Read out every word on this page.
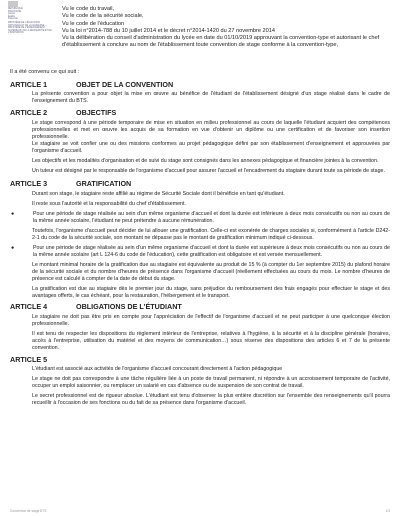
RÉPUBLIQUE
FRANÇAISE
Liberté
Égalité
Fraternité
MINISTÈRE DE L'ÉDUCATION NATIONALE ET DE LA JEUNESSE — MINISTÈRE DE L'ENSEIGNEMENT SUPÉRIEUR, DE LA RECHERCHE ET DE L'INNOVATION

Vu le code du travail,

Vu le code de la sécurité sociale,

Vu le code de l'éducation

Vu la loi n°2014-788 du 10 juillet 2014 et le décret n°2014-1420 du 27 novembre 2014

Vu la délibération du conseil d'administration du lycée en date du 01/10/2019 approuvant la convention-type et autorisant le chef d'établissement à conclure au nom de l'établissement toute convention de stage conforme à la convention-type,

Il a été convenu ce qui suit :

ARTICLE 1	OBJET DE LA CONVENTION

La présente convention a pour objet la mise en œuvre au bénéfice de l'étudiant de l'établissement désigné d'un stage réalisé dans le cadre de l'enseignement du BTS.

ARTICLE 2	OBJECTIFS

Le stage correspond à une période temporaire de mise en situation en milieu professionnel au cours de laquelle l'étudiant acquiert des compétences professionnelles et met en œuvre les acquis de sa formation en vue d'obtenir un diplôme ou une certification et de favoriser son insertion professionnelle.

Le stagiaire se voit confier une ou des missions conformes au projet pédagogique défini par son établissement d'enseignement et approuvées par l'organisme d'accueil.

Les objectifs et les modalités d'organisation et de suivi du stage sont consignés dans les annexes pédagogique et financière jointes à la convention.

Un tuteur est désigné par le responsable de l'organisme d'accueil pour assurer l'accueil et l'encadrement du stagiaire durant toute sa période de stage.

ARTICLE 3	GRATIFICATION

Durant son stage, le stagiaire reste affilié au régime de Sécurité Sociale dont il bénéficie en tant qu'étudiant.

Il reste sous l'autorité et la responsabilité du chef d'établissement.

●	Pour une période de stage réalisée au sein d'un même organisme d'accueil et dont la durée est inférieure à deux mois consécutifs ou non au cours de la même année scolaire, l'étudiant ne peut prétendre à aucune rémunération.

Toutefois, l'organisme d'accueil peut décider de lui allouer une gratification. Celle-ci est exonérée de charges sociales si, conformément à l'article D242-2-1 du code de la sécurité sociale, son montant ne dépasse pas le montant de gratification minimum indiqué ci-dessous.

●	Pour une période de stage réalisée au sein d'un même organisme d'accueil et dont la durée est supérieure à deux mois consécutifs ou non au cours de la même année scolaire (art L 124-6 du code de l'éducation), cette gratification est obligatoire et est versée mensuellement.

Le montant minimal horaire de la gratification due au stagiaire est équivalente au produit de 15 % (à compter du 1er septembre 2015) du plafond horaire de la sécurité sociale et du nombre d'heures de présence dans l'organisme d'accueil (réellement effectuées au cours du mois. Le nombre d'heures de présence est calculé à compter de la date de début du stage.

La gratification est due au stagiaire dès le premier jour du stage, sans préjudice du remboursement des frais engagés pour effectuer le stage et des avantages offerts, le cas échéant, pour la restauration, l'hébergement et le transport.

ARTICLE 4	OBLIGATIONS DE L'ÉTUDIANT

Le stagiaire ne doit pas être pris en compte pour l'appréciation de l'effectif de l'organisme d'accueil et ne peut participer à une quelconque élection professionnelle.

Il est tenu de respecter les dispositions du règlement intérieur de l'entreprise, relatives à l'hygiène, à la sécurité et à la discipline générale (horaires, accès à l'entreprise, utilisation du matériel et des moyens de communication…) sous réserve des dispositions des articles 6 et 7 de la présente convention.

ARTICLE 5

L'étudiant est associé aux activités de l'organisme d'accueil concourant directement à l'action pédagogique

Le stage ne doit pas correspondre à une tâche régulière liée à un poste de travail permanent, ni répondre à un accroissement temporaire de l'activité, occuper un emploi saisonnier, ou remplacer un salarié en cas d'absence ou de suspension de son contrat de travail.

Le secret professionnel est de rigueur absolue. L'étudiant est tenu d'observer la plus entière discrétion sur l'ensemble des renseignements qu'il pourra recueillir à l'occasion de ses fonctions ou du fait de sa présence dans l'organisme d'accueil.

Convention de stage BTS	1/3
